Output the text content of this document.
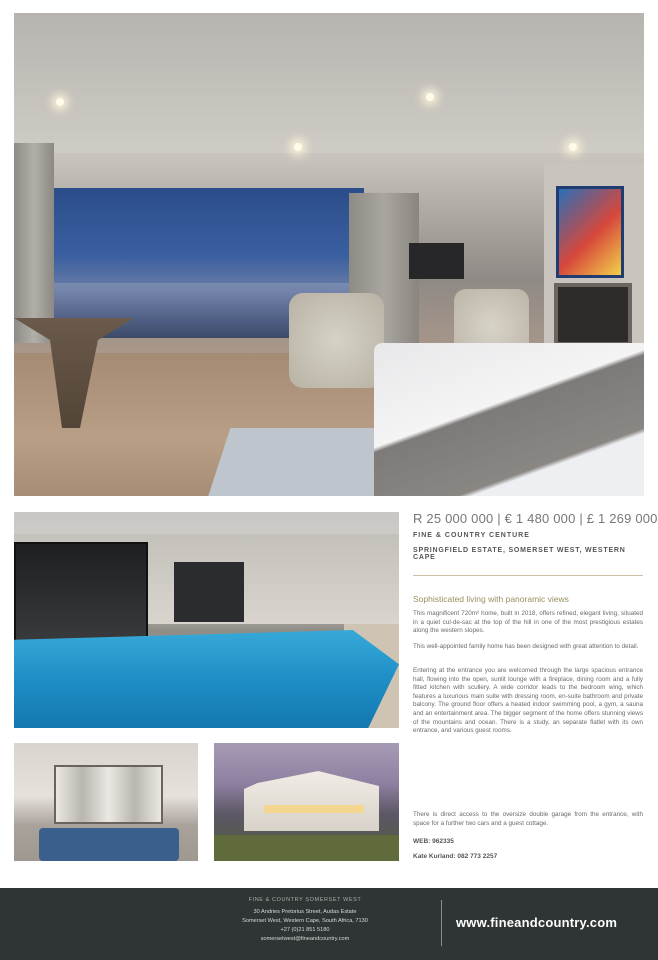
R 25 000 000 | € 1 480 000 | £ 1 269 000

FINE & COUNTRY CENTURE

SPRINGFIELD ESTATE, SOMERSET WEST, WESTERN CAPE

Sophisticated living with panoramic views

This magnificent 720m² home, built in 2018, offers refined, elegant living, situated in a quiet cul-de-sac at the top of the hill in one of the most prestigious estates along the western slopes.

This well-appointed family home has been designed with great attention to detail.

Entering at the entrance you are welcomed through the large spacious entrance hall, flowing into the open, sunlit lounge with a fireplace, dining room and a fully fitted kitchen with scullery. A wide corridor leads to the bedroom wing, which features a luxurious main suite with dressing room, en-suite bathroom and private balcony. The ground floor offers a heated indoor swimming pool, a gym, a sauna and an entertainment area. The bigger segment of the home offers stunning views of the mountains and ocean. There is a study, an separate flatlet with its own entrance, and various guest rooms.

There is direct access to the oversize double garage from the entrance, with space for a further two cars and a guest cottage.

WEB: 962335

Kate Kurland: 082 773 2257

FINE & COUNTRY SOMERSET WEST
30 Andries Pretorius Street, Audas Estate
Somerset West, Western Cape, South Africa, 7130
+27 (0)21 851 5180
somersetwest@fineandcountry.com
www.fineandcountry.com
